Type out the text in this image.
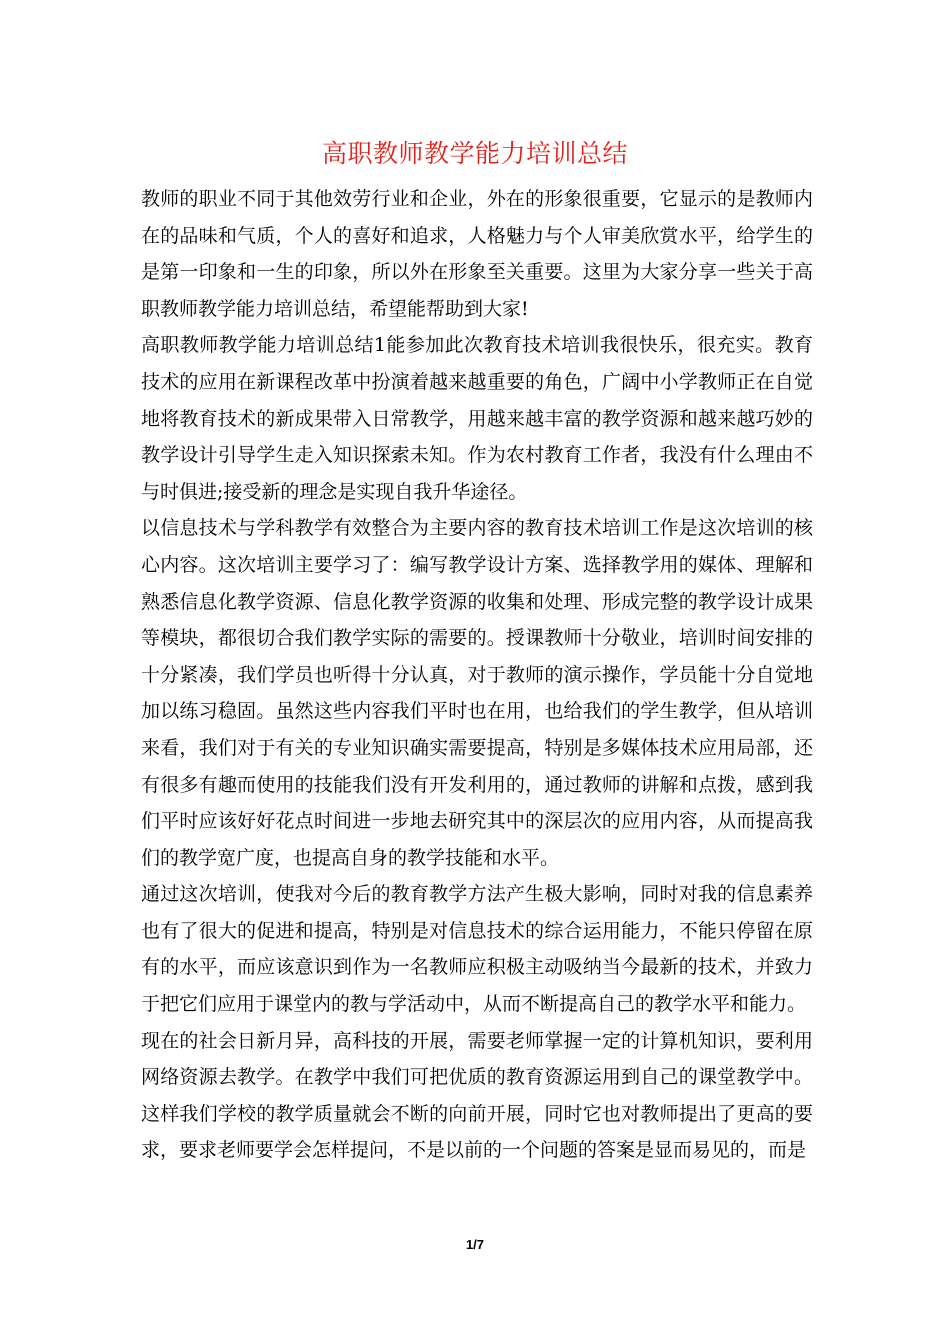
高职教师教学能力培训总结

教师的职业不同于其他效劳行业和企业，外在的形象很重要，它显示的是教师内在的品味和气质，个人的喜好和追求，人格魅力与个人审美欣赏水平，给学生的是第一印象和一生的印象，所以外在形象至关重要。这里为大家分享一些关于高职教师教学能力培训总结，希望能帮助到大家!

高职教师教学能力培训总结1能参加此次教育技术培训我很快乐，很充实。教育技术的应用在新课程改革中扮演着越来越重要的角色，广阔中小学教师正在自觉地将教育技术的新成果带入日常教学，用越来越丰富的教学资源和越来越巧妙的教学设计引导学生走入知识探索未知。作为农村教育工作者，我没有什么理由不与时俱进;接受新的理念是实现自我升华途径。

以信息技术与学科教学有效整合为主要内容的教育技术培训工作是这次培训的核心内容。这次培训主要学习了：编写教学设计方案、选择教学用的媒体、理解和熟悉信息化教学资源、信息化教学资源的收集和处理、形成完整的教学设计成果等模块，都很切合我们教学实际的需要的。授课教师十分敬业，培训时间安排的十分紧凑，我们学员也听得十分认真，对于教师的演示操作，学员能十分自觉地加以练习稳固。虽然这些内容我们平时也在用，也给我们的学生教学，但从培训来看，我们对于有关的专业知识确实需要提高，特别是多媒体技术应用局部，还有很多有趣而使用的技能我们没有开发利用的，通过教师的讲解和点拨，感到我们平时应该好好花点时间进一步地去研究其中的深层次的应用内容，从而提高我们的教学宽广度，也提高自身的教学技能和水平。

通过这次培训，使我对今后的教育教学方法产生极大影响，同时对我的信息素养也有了很大的促进和提高，特别是对信息技术的综合运用能力，不能只停留在原有的水平，而应该意识到作为一名教师应积极主动吸纳当今最新的技术，并致力于把它们应用于课堂内的教与学活动中，从而不断提高自己的教学水平和能力。

现在的社会日新月异，高科技的开展，需要老师掌握一定的计算机知识，要利用网络资源去教学。在教学中我们可把优质的教育资源运用到自己的课堂教学中。这样我们学校的教学质量就会不断的向前开展，同时它也对教师提出了更高的要求，要求老师要学会怎样提问，不是以前的一个问题的答案是显而易见的，而是

1/7
